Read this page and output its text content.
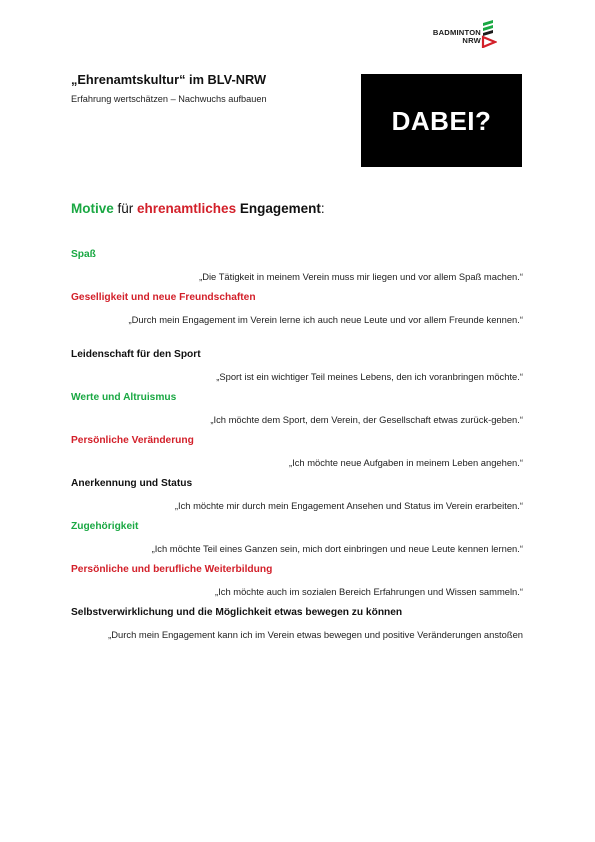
BADMINTON
NRW
„Ehrenamtskultur“ im BLV-NRW
Erfahrung wertschätzen – Nachwuchs aufbauen
DABEI?
Motive für ehrenamtliches Engagement:
Spaß
„Die Tätigkeit in meinem Verein muss mir liegen und vor allem Spaß machen.“
Geselligkeit und neue Freundschaften
„Durch mein Engagement im Verein lerne ich auch neue Leute und vor allem Freunde kennen.“
Leidenschaft für den Sport
„Sport ist ein wichtiger Teil meines Lebens, den ich voranbringen möchte.“
Werte und Altruismus
„Ich möchte dem Sport, dem Verein, der Gesellschaft etwas zurück-geben.“
Persönliche Veränderung
„Ich möchte neue Aufgaben in meinem Leben angehen.“
Anerkennung und Status
„Ich möchte mir durch mein Engagement Ansehen und Status im Verein erarbeiten.“
Zugehörigkeit
„Ich möchte Teil eines Ganzen sein, mich dort einbringen und neue Leute kennen lernen.“
Persönliche und berufliche Weiterbildung
„Ich möchte auch im sozialen Bereich Erfahrungen und Wissen sammeln.“
Selbstverwirklichung und die Möglichkeit etwas bewegen zu können
„Durch mein Engagement kann ich im Verein etwas bewegen und positive Veränderungen anstoßen
